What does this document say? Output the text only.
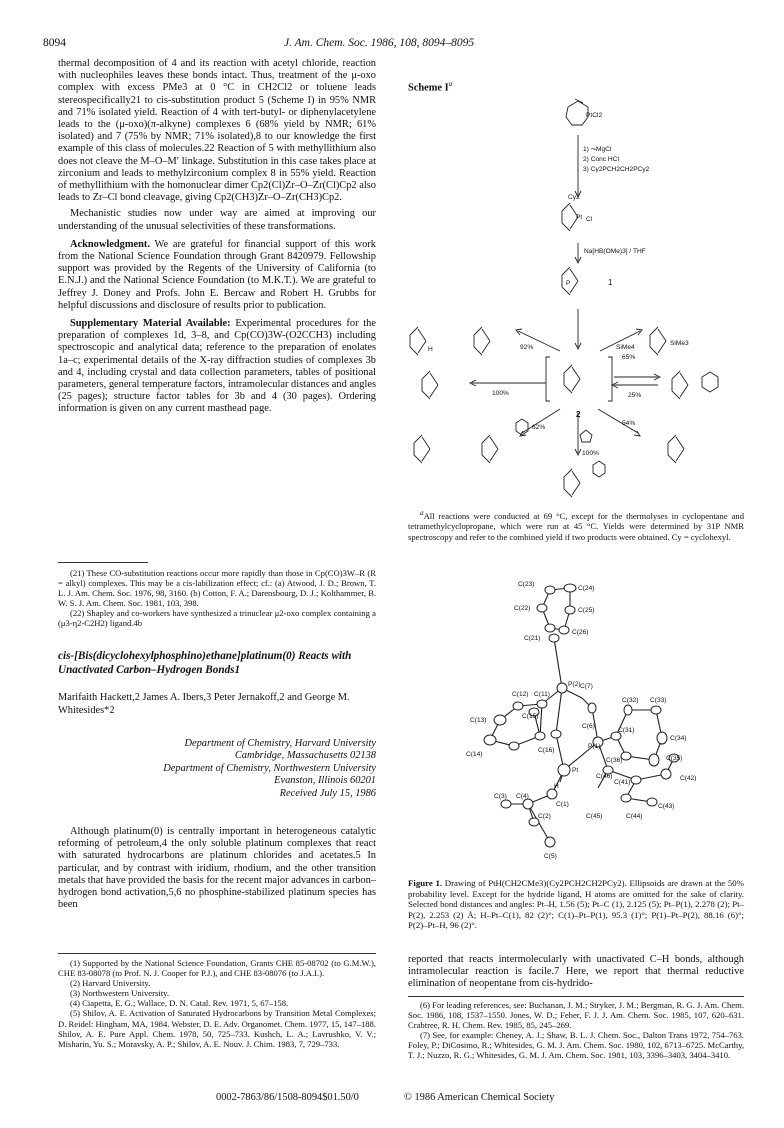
8094	J. Am. Chem. Soc. 1986, 108, 8094–8095

thermal decomposition of 4 and its reaction with acetyl chloride, reaction with nucleophiles leaves these bonds intact. Thus, treatment of the μ-oxo complex with excess PMe3 at 0 °C in CH2Cl2 or toluene leads stereospecifically21 to cis-substitution product 5 (Scheme I) in 95% NMR and 71% isolated yield. Reaction of 4 with tert-butyl- or diphenylacetylene leads to the (μ-oxo)(π-alkyne) complexes 6 (68% yield by NMR; 61% isolated) and 7 (75% by NMR; 71% isolated),8 to our knowledge the first example of this class of molecules.22 Reaction of 5 with methyllithium also does not cleave the M–O–M′ linkage. Substitution in this case takes place at zirconium and leads to methylzirconium complex 8 in 55% yield. Reaction of methyllithium with the homonuclear dimer Cp2(Cl)Zr–O–Zr(Cl)Cp2 also leads to Zr–Cl bond cleavage, giving Cp2(CH3)Zr–O–Zr(CH3)Cp2.

Mechanistic studies now under way are aimed at improving our understanding of the unusual selectivities of these transformations.

Acknowledgment. We are grateful for financial support of this work from the National Science Foundation through Grant 8420979. Fellowship support was provided by the Regents of the University of California (to E.N.J.) and the National Science Foundation (to M.K.T.). We are grateful to Jeffrey J. Doney and Profs. John E. Bercaw and Robert H. Grubbs for helpful discussions and disclosure of results prior to publication.

Supplementary Material Available: Experimental procedures for the preparation of complexes 1d, 3–8, and Cp(CO)3W-(O2CCH3) including spectroscopic and analytical data; reference to the preparation of enolates 1a–c; experimental details of the X-ray diffraction studies of complexes 3b and 4, including crystal and data collection parameters, tables of positional parameters, general temperature factors, intramolecular distances and angles (25 pages); structure factor tables for 3b and 4 (30 pages). Ordering information is given on any current masthead page.

(21) These CO-substitution reactions occur more rapidly than those in Cp(CO)3W–R (R = alkyl) complexes. This may be a cis-labilization effect; cf.: (a) Atwood, J. D.; Brown, T. L. J. Am. Chem. Soc. 1976, 98, 3160. (b) Cotton, F. A.; Darensbourg, D. J.; Kolthammer, B. W. S. J. Am. Chem. Soc. 1981, 103, 398.

(22) Shapley and co-workers have synthesized a trinuclear μ2-oxo complex containing a (μ3-η2-C2H2) ligand.4b

cis-[Bis(dicyclohexylphosphino)ethane]platinum(0) Reacts with Unactivated Carbon–Hydrogen Bonds1
Marifaith Hackett,2 James A. Ibers,3 Peter Jernakoff,2 and George M. Whitesides*2
Department of Chemistry, Harvard University
Cambridge, Massachusetts 02138
Department of Chemistry, Northwestern University
Evanston, Illinois 60201
Received July 15, 1986

Although platinum(0) is centrally important in heterogeneous catalytic reforming of petroleum,4 the only soluble platinum complexes that react with saturated hydrocarbons are platinum chlorides and acetates.5 In particular, and by contrast with iridium, rhodium, and the other transition metals that have provided the basis for the recent major advances in carbon–hydrogen bond activation,5,6 no phosphine-stabilized platinum species has been

(1) Supported by the National Science Foundation, Grants CHE 85-08702 (to G.M.W.), CHE 83-08078 (to Prof. N. J. Cooper for P.J.), and CHE 83-08076 (to J.A.I.).

(2) Harvard University.

(3) Northwestern University.

(4) Ciapetta, E. G.; Wallace, D. N. Catal. Rev. 1971, 5, 67–158.

(5) Shilov, A. E. Activation of Saturated Hydrocarbons by Transition Metal Complexes; D. Reidel: Hingham, MA, 1984. Webster, D. E. Adv. Organomet. Chem. 1977, 15, 147–188. Shilov, A. E. Pure Appl. Chem. 1978, 50, 725–733. Kushch, L. A.; Lavrushko, V. V.; Misharin, Yu. S.; Moravsky, A. P.; Shilov, A. E. Nouv. J. Chim. 1983, 7, 729–733.

Scheme $I^a$
PtCl2
1) ⤳MgCl
2) Conc HCl
3) Cy2PCH2CH2PCy2
Na[HB(OMe)3] / THF
Cl
1
2
92%	SiMe4
65%
100%	25%
62%
54%
100%
SiMe3
Cy2
Pt
P
H

$^a$All reactions were conducted at 69 °C, except for the thermolyses in cyclopentane and tetramethylcyclopropane, which were run at 45 °C. Yields were determined by 31P NMR spectroscopy and refer to the combined yield if two products were obtained. Cy = cyclohexyl.

C(24)
C(23)
C(25)
C(22)
C(26)
C(21)
C(7)
C(12) C(11)
P(2)
C(32) C(33)
C(13)
C(15)
C(6)
C(14)
C(16)
C(31)
P(1)
C(34)
H
Pt
C(36)	C(35)
C(46)	C(42)
C(41)
C(3) C(4)
C(1)	C(43)
C(2)	C(45)	C(44)
C(5)

Figure 1. Drawing of PtH(CH2CMe3)(Cy2PCH2CH2PCy2). Ellipsoids are drawn at the 50% probability level. Except for the hydride ligand, H atoms are omitted for the sake of clarity. Selected bond distances and angles: Pt–H, 1.56 (5); Pt–C (1), 2.125 (5); Pt–P(1), 2.278 (2); Pt–P(2), 2.253 (2) Å; H–Pt–C(1), 82 (2)°; C(1)–Pt–P(1), 95.3 (1)°; P(1)–Pt–P(2), 88.16 (6)°; P(2)–Pt–H, 96 (2)°.

reported that reacts intermolecularly with unactivated C–H bonds, although intramolecular reaction is facile.7 Here, we report that thermal reductive elimination of neopentane from cis-hydrido-

(6) For leading references, see: Buchanan, J. M.; Stryker, J. M.; Bergman, R. G. J. Am. Chem. Soc. 1986, 108, 1537–1550. Jones, W. D.; Feher, F. J. J. Am. Chem. Soc. 1985, 107, 620–631. Crabtree, R. H. Chem. Rev. 1985, 85, 245–269.

(7) See, for example: Cheney, A. J.; Shaw, B. L. J. Chem. Soc., Dalton Trans 1972, 754–763. Foley, P.; DiCosimo, R.; Whitesides, G. M. J. Am. Chem. Soc. 1980, 102, 6713–6725. McCarthy, T. J.; Nuzzo, R. G.; Whitesides, G. M. J. Am. Chem. Soc. 1981, 103, 3396–3403, 3404–3410.

0002-7863/86/1508-8094$01.50/0	© 1986 American Chemical Society
